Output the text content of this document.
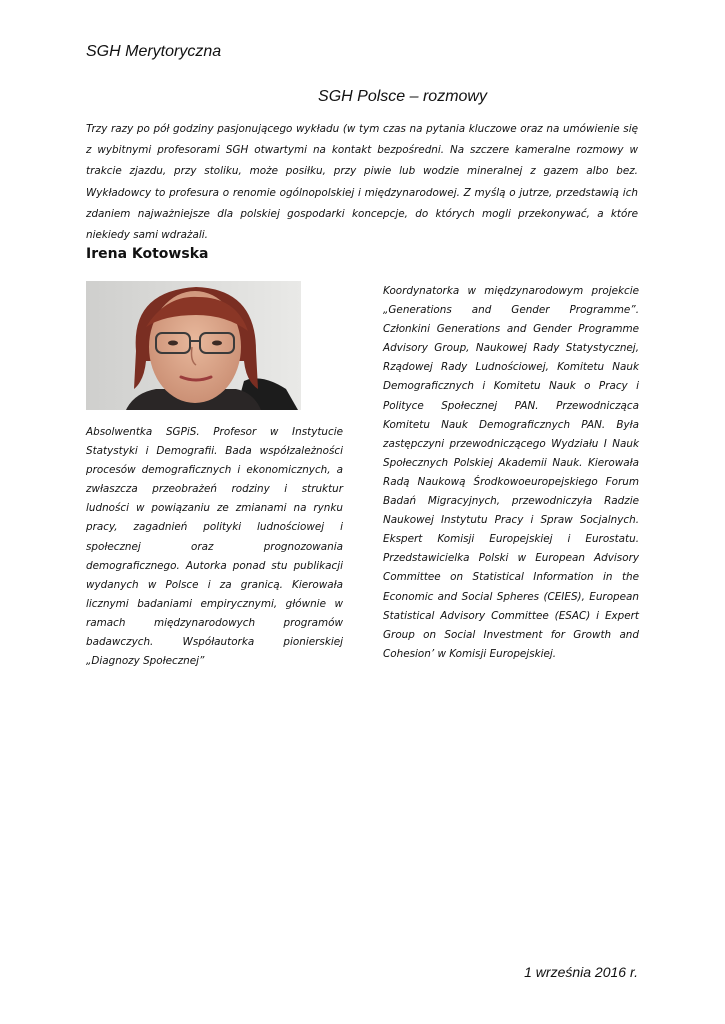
SGH Merytoryczna
SGH Polsce – rozmowy

Trzy razy po pół godziny pasjonującego wykładu (w tym czas na pytania kluczowe oraz na umówienie się z wybitnymi profesorami SGH otwartymi na kontakt bezpośredni. Na szczere kameralne rozmowy w trakcie zjazdu, przy stoliku, może posiłku, przy piwie lub wodzie mineralnej z gazem albo bez. Wykładowcy to profesura o renomie ogólnopolskiej i międzynarodowej. Z myślą o jutrze, przedstawią ich zdaniem najważniejsze dla polskiej gospodarki koncepcje, do których mogli przekonywać, a które niekiedy sami wdrażali.

Irena Kotowska

Absolwentka SGPiS. Profesor w Instytucie Statystyki i Demografii. Bada współzależności procesów demograficznych i ekonomicznych, a zwłaszcza przeobrażeń rodziny i struktur ludności w powiązaniu ze zmianami na rynku pracy, zagadnień polityki ludnościowej i społecznej oraz prognozowania demograficznego. Autorka ponad stu publikacji wydanych w Polsce i za granicą. Kierowała licznymi badaniami empirycznymi, głównie w ramach międzynarodowych programów badawczych. Współautorka pionierskiej „Diagnozy Społecznej”

Koordynatorka w międzynarodowym projekcie „Generations and Gender Programme”. Członkini Generations and Gender Programme Advisory Group, Naukowej Rady Statystycznej, Rządowej Rady Ludnościowej, Komitetu Nauk Demograficznych i Komitetu Nauk o Pracy i Polityce Społecznej PAN. Przewodnicząca Komitetu Nauk Demograficznych PAN. Była zastępczyni przewodniczącego Wydziału I Nauk Społecznych Polskiej Akademii Nauk. Kierowała Radą Naukową Środkowoeuropejskiego Forum Badań Migracyjnych, przewodniczyła Radzie Naukowej Instytutu Pracy i Spraw Socjalnych. Ekspert Komisji Europejskiej i Eurostatu. Przedstawicielka Polski w European Advisory Committee on Statistical Information in the Economic and Social Spheres (CEIES), European Statistical Advisory Committee (ESAC) i Expert Group on Social Investment for Growth and Cohesion’ w Komisji Europejskiej.

1 września 2016 r.
